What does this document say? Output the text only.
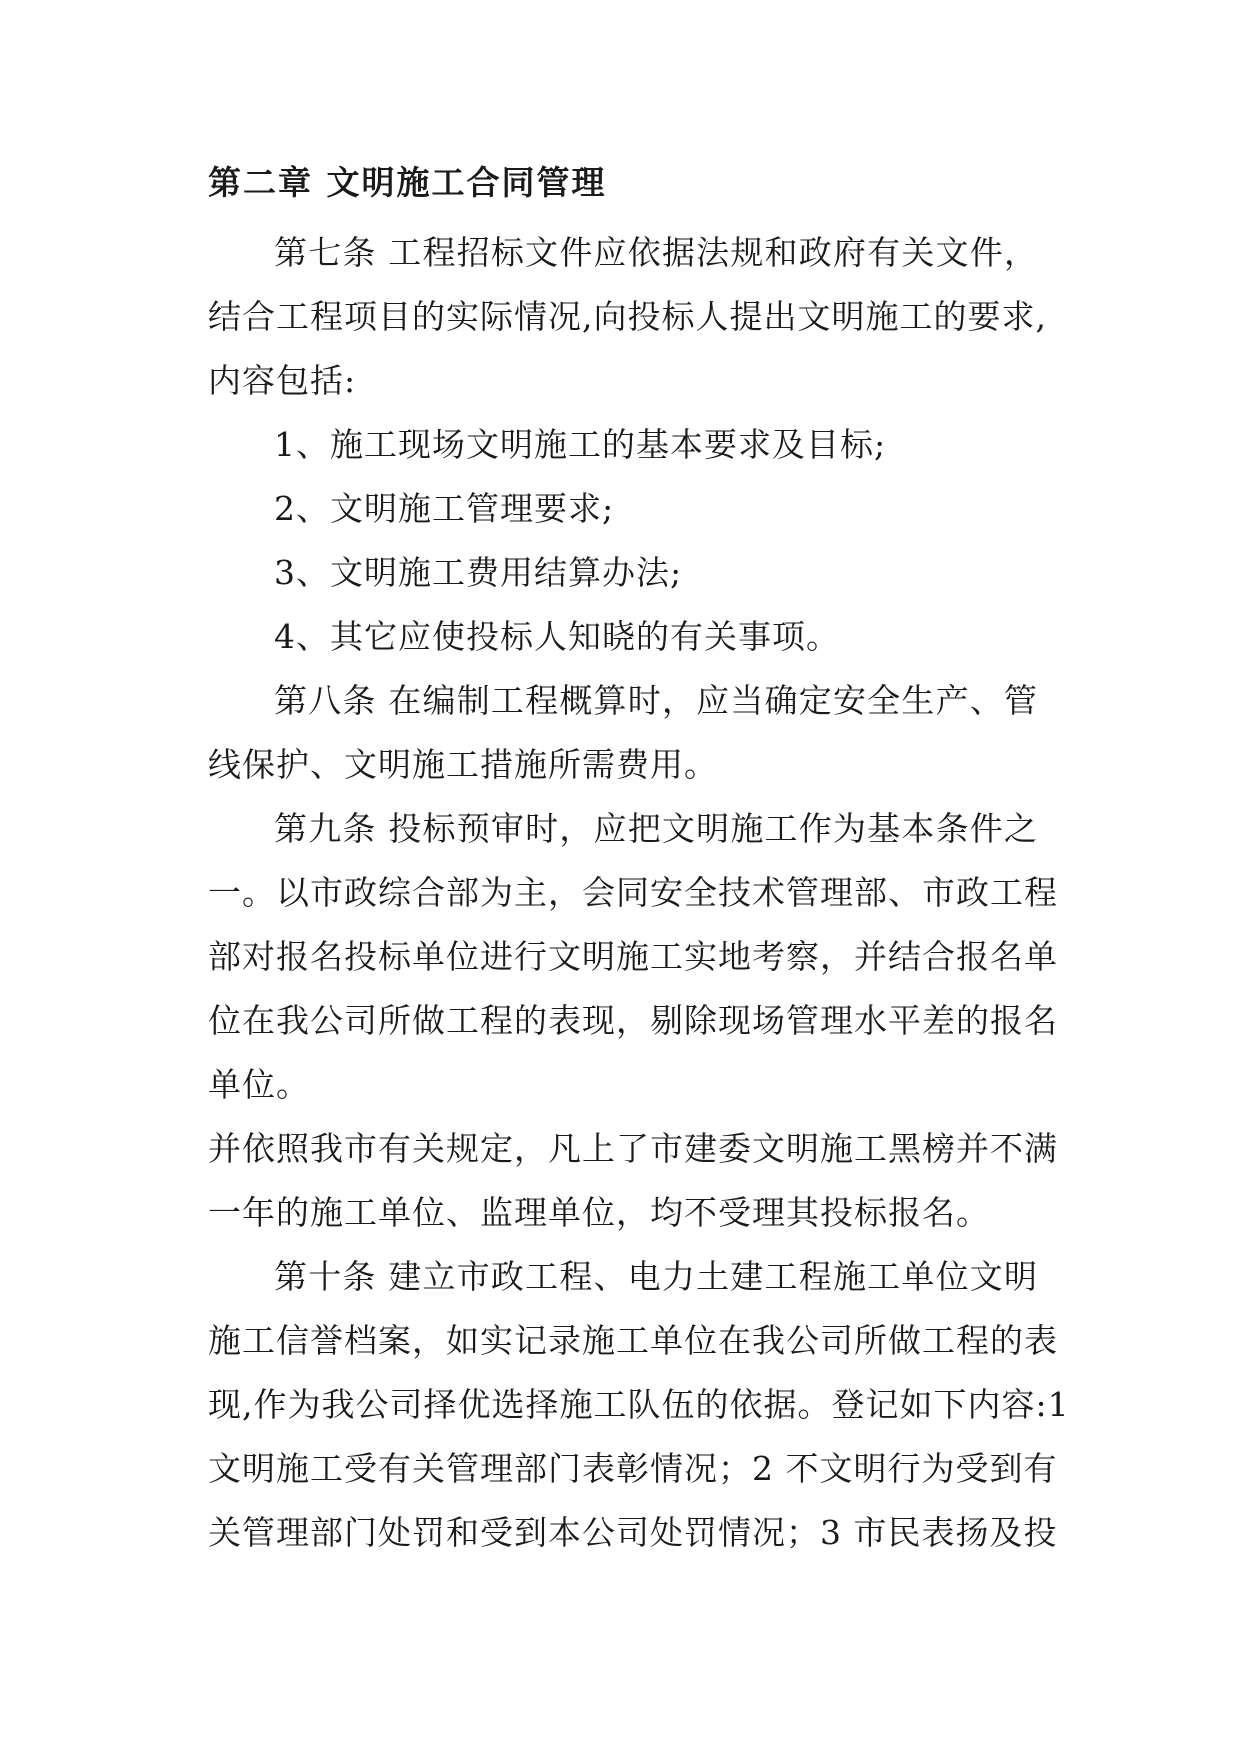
第二章 文明施工合同管理
第七条 工程招标文件应依据法规和政府有关文件，
结合工程项目的实际情况,向投标人提出文明施工的要求,
内容包括:
1、施工现场文明施工的基本要求及目标;
2、文明施工管理要求;
3、文明施工费用结算办法;
4、其它应使投标人知晓的有关事项。
第八条 在编制工程概算时，应当确定安全生产、管
线保护、文明施工措施所需费用。
第九条 投标预审时，应把文明施工作为基本条件之
一。以市政综合部为主，会同安全技术管理部、市政工程
部对报名投标单位进行文明施工实地考察，并结合报名单
位在我公司所做工程的表现，剔除现场管理水平差的报名
单位。
并依照我市有关规定，凡上了市建委文明施工黑榜并不满
一年的施工单位、监理单位，均不受理其投标报名。
第十条 建立市政工程、电力土建工程施工单位文明
施工信誉档案，如实记录施工单位在我公司所做工程的表
现,作为我公司择优选择施工队伍的依据。登记如下内容:1
文明施工受有关管理部门表彰情况；2 不文明行为受到有
关管理部门处罚和受到本公司处罚情况；3 市民表扬及投
